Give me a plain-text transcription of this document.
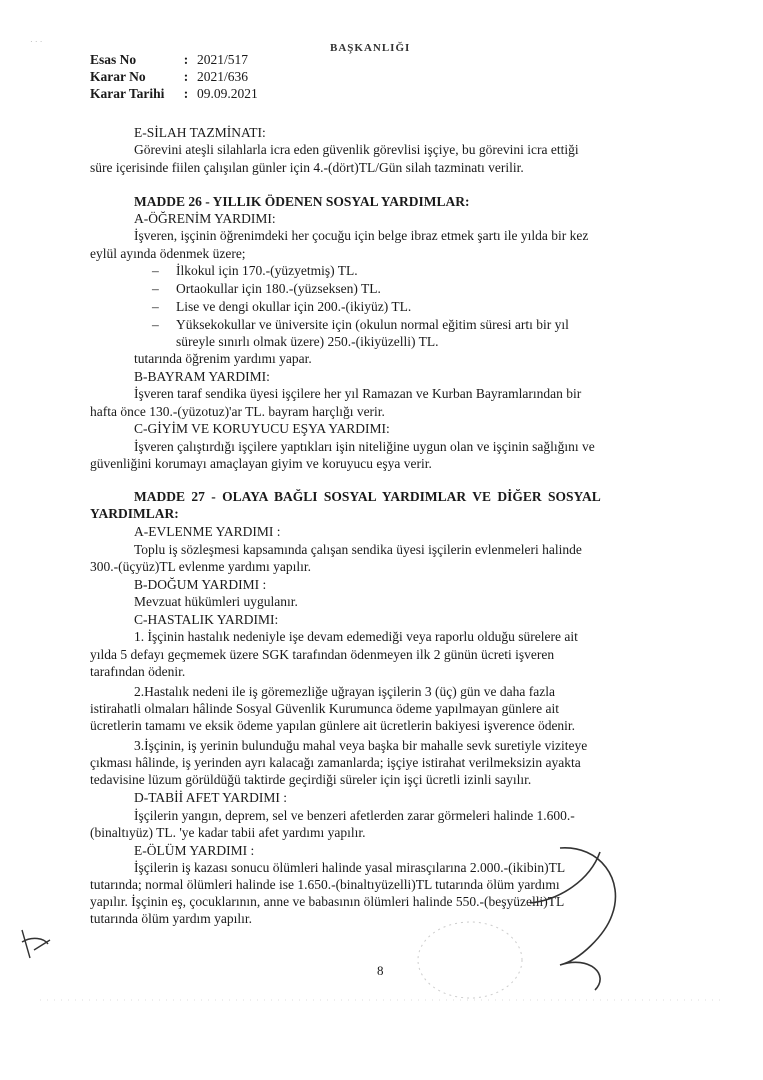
BAŞKANLIĞI
Esas No	: 2021/517
Karar No	: 2021/636
Karar Tarihi : 09.09.2021
E-SİLAH TAZMİNATI:
Görevini ateşli silahlarla icra eden güvenlik görevlisi işçiye, bu görevini icra ettiği
süre içerisinde fiilen çalışılan günler için 4.-(dört)TL/Gün silah tazminatı verilir.
MADDE 26 - YILLIK ÖDENEN SOSYAL YARDIMLAR:
A-ÖĞRENİM YARDIMI:
İşveren, işçinin öğrenimdeki her çocuğu için belge ibraz etmek şartı ile yılda bir kez
eylül ayında ödenmek üzere;
– İlkokul için 170.-(yüzyetmiş) TL.
– Ortaokullar için 180.-(yüzseksen) TL.
– Lise ve dengi okullar için 200.-(ikiyüz) TL.
– Yüksekokullar ve üniversite için (okulun normal eğitim süresi artı bir yıl
süreyle sınırlı olmak üzere) 250.-(ikiyüzelli) TL.
tutarında öğrenim yardımı yapar.
B-BAYRAM YARDIMI:
İşveren taraf sendika üyesi işçilere her yıl Ramazan ve Kurban Bayramlarından bir
hafta önce 130.-(yüzotuz)'ar TL. bayram harçlığı verir.
C-GİYİM VE KORUYUCU EŞYA YARDIMI:
İşveren çalıştırdığı işçilere yaptıkları işin niteliğine uygun olan ve işçinin sağlığını ve
güvenliğini korumayı amaçlayan giyim ve koruyucu eşya verir.
MADDE 27 - OLAYA BAĞLI SOSYAL YARDIMLAR VE DİĞER SOSYAL
YARDIMLAR:
A-EVLENME YARDIMI :
Toplu iş sözleşmesi kapsamında çalışan sendika üyesi işçilerin evlenmeleri halinde
300.-(üçyüz)TL evlenme yardımı yapılır.
B-DOĞUM YARDIMI :
Mevzuat hükümleri uygulanır.
C-HASTALIK YARDIMI:
1. İşçinin hastalık nedeniyle işe devam edemediği veya raporlu olduğu sürelere ait
yılda 5 defayı geçmemek üzere SGK tarafından ödenmeyen ilk 2 günün ücreti işveren
tarafından ödenir.
2.Hastalık nedeni ile iş göremezliğe uğrayan işçilerin 3 (üç) gün ve daha fazla
istirahatli olmaları hâlinde Sosyal Güvenlik Kurumunca ödeme yapılmayan günlere ait
ücretlerin tamamı ve eksik ödeme yapılan günlere ait ücretlerin bakiyesi işverence ödenir.
3.İşçinin, iş yerinin bulunduğu mahal veya başka bir mahalle sevk suretiyle viziteye
çıkması hâlinde, iş yerinden ayrı kalacağı zamanlarda; işçiye istirahat verilmeksizin ayakta
tedavisine lüzum görüldüğü taktirde geçirdiği süreler için işçi ücretli izinli sayılır.
D-TABİİ AFET YARDIMI :
İşçilerin yangın, deprem, sel ve benzeri afetlerden zarar görmeleri halinde 1.600.-
(binaltıyüz) TL. 'ye kadar tabii afet yardımı yapılır.
E-ÖLÜM YARDIMI :
İşçilerin iş kazası sonucu ölümleri halinde yasal mirasçılarına 2.000.-(ikibin)TL
tutarında; normal ölümleri halinde ise 1.650.-(binaltıyüzelli)TL tutarında ölüm yardımı
yapılır. İşçinin eş, çocuklarının, anne ve babasının ölümleri halinde 550.-(beşyüzelli)TL
tutarında ölüm yardım yapılır.
8
· · ·
